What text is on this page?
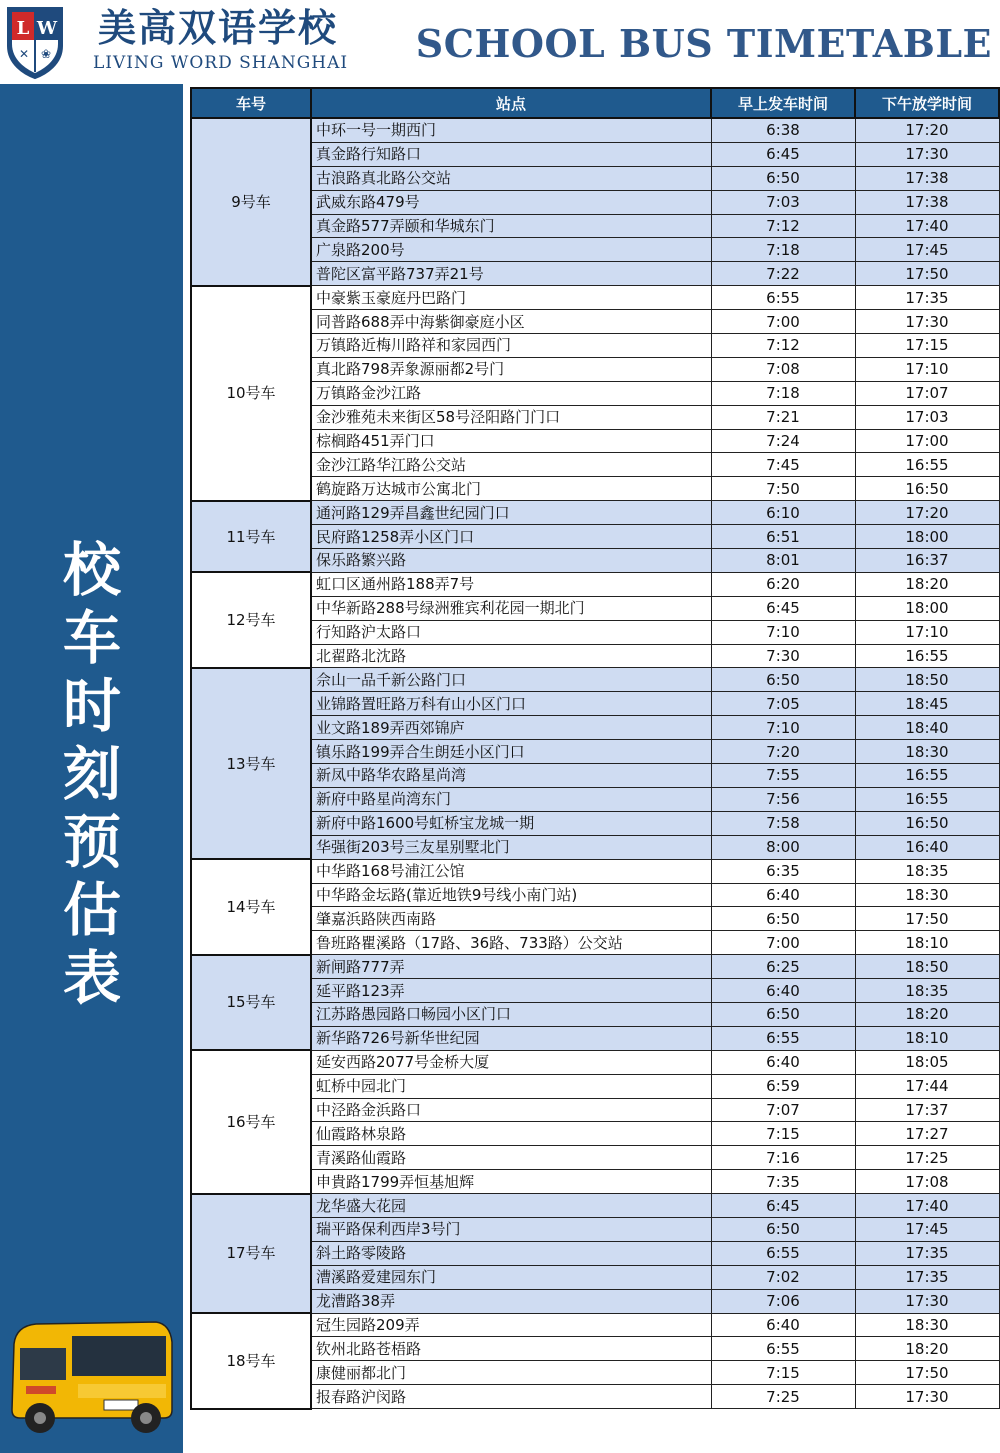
L W
✕ ❀
美高双语学校
LIVING WORD SHANGHAI SCHOOL BUS TIMETABLE
校车时刻预估表
车号	站点	早上发车时间	下午放学时间
9号车	中环一号一期西门	6:38	17:20
	真金路行知路口	6:45	17:30
	古浪路真北路公交站	6:50	17:38
	武威东路479号	7:03	17:38
	真金路577弄颐和华城东门	7:12	17:40
	广泉路200号	7:18	17:45
	普陀区富平路737弄21号	7:22	17:50
10号车	中豪紫玉豪庭丹巴路门	6:55	17:35
	同普路688弄中海紫御豪庭小区	7:00	17:30
	万镇路近梅川路祥和家园西门	7:12	17:15
	真北路798弄象源丽都2号门	7:08	17:10
	万镇路金沙江路	7:18	17:07
	金沙雅苑未来街区58号泾阳路门门口	7:21	17:03
	棕榈路451弄门口	7:24	17:00
	金沙江路华江路公交站	7:45	16:55
	鹤旋路万达城市公寓北门	7:50	16:50
11号车	通河路129弄昌鑫世纪园门口	6:10	17:20
	民府路1258弄小区门口	6:51	18:00
	保乐路繁兴路	8:01	16:37
12号车	虹口区通州路188弄7号	6:20	18:20
	中华新路288号绿洲雅宾利花园一期北门	6:45	18:00
	行知路沪太路口	7:10	17:10
	北翟路北沈路	7:30	16:55
13号车	佘山一品千新公路门口	6:50	18:50
	业锦路置旺路万科有山小区门口	7:05	18:45
	业文路189弄西郊锦庐	7:10	18:40
	镇乐路199弄合生朗廷小区门口	7:20	18:30
	新凤中路华农路星尚湾	7:55	16:55
	新府中路星尚湾东门	7:56	16:55
	新府中路1600号虹桥宝龙城一期	7:58	16:50
	华强街203号三友星别墅北门	8:00	16:40
14号车	中华路168号浦江公馆	6:35	18:35
	中华路金坛路(靠近地铁9号线小南门站)	6:40	18:30
	肇嘉浜路陕西南路	6:50	17:50
	鲁班路瞿溪路（17路、36路、733路）公交站	7:00	18:10
15号车	新闸路777弄	6:25	18:50
	延平路123弄	6:40	18:35
	江苏路愚园路口畅园小区门口	6:50	18:20
	新华路726号新华世纪园	6:55	18:10
16号车	延安西路2077号金桥大厦	6:40	18:05
	虹桥中园北门	6:59	17:44
	中泾路金浜路口	7:07	17:37
	仙霞路林泉路	7:15	17:27
	青溪路仙霞路	7:16	17:25
	申貴路1799弄恒基旭辉	7:35	17:08
17号车	龙华盛大花园	6:45	17:40
	瑞平路保利西岸3号门	6:50	17:45
	斜土路零陵路	6:55	17:35
	漕溪路爱建园东门	7:02	17:35
	龙漕路38弄	7:06	17:30
18号车	冠生园路209弄	6:40	18:30
	钦州北路苍梧路	6:55	18:20
	康健丽都北门	7:15	17:50
	报春路沪闵路	7:25	17:30
